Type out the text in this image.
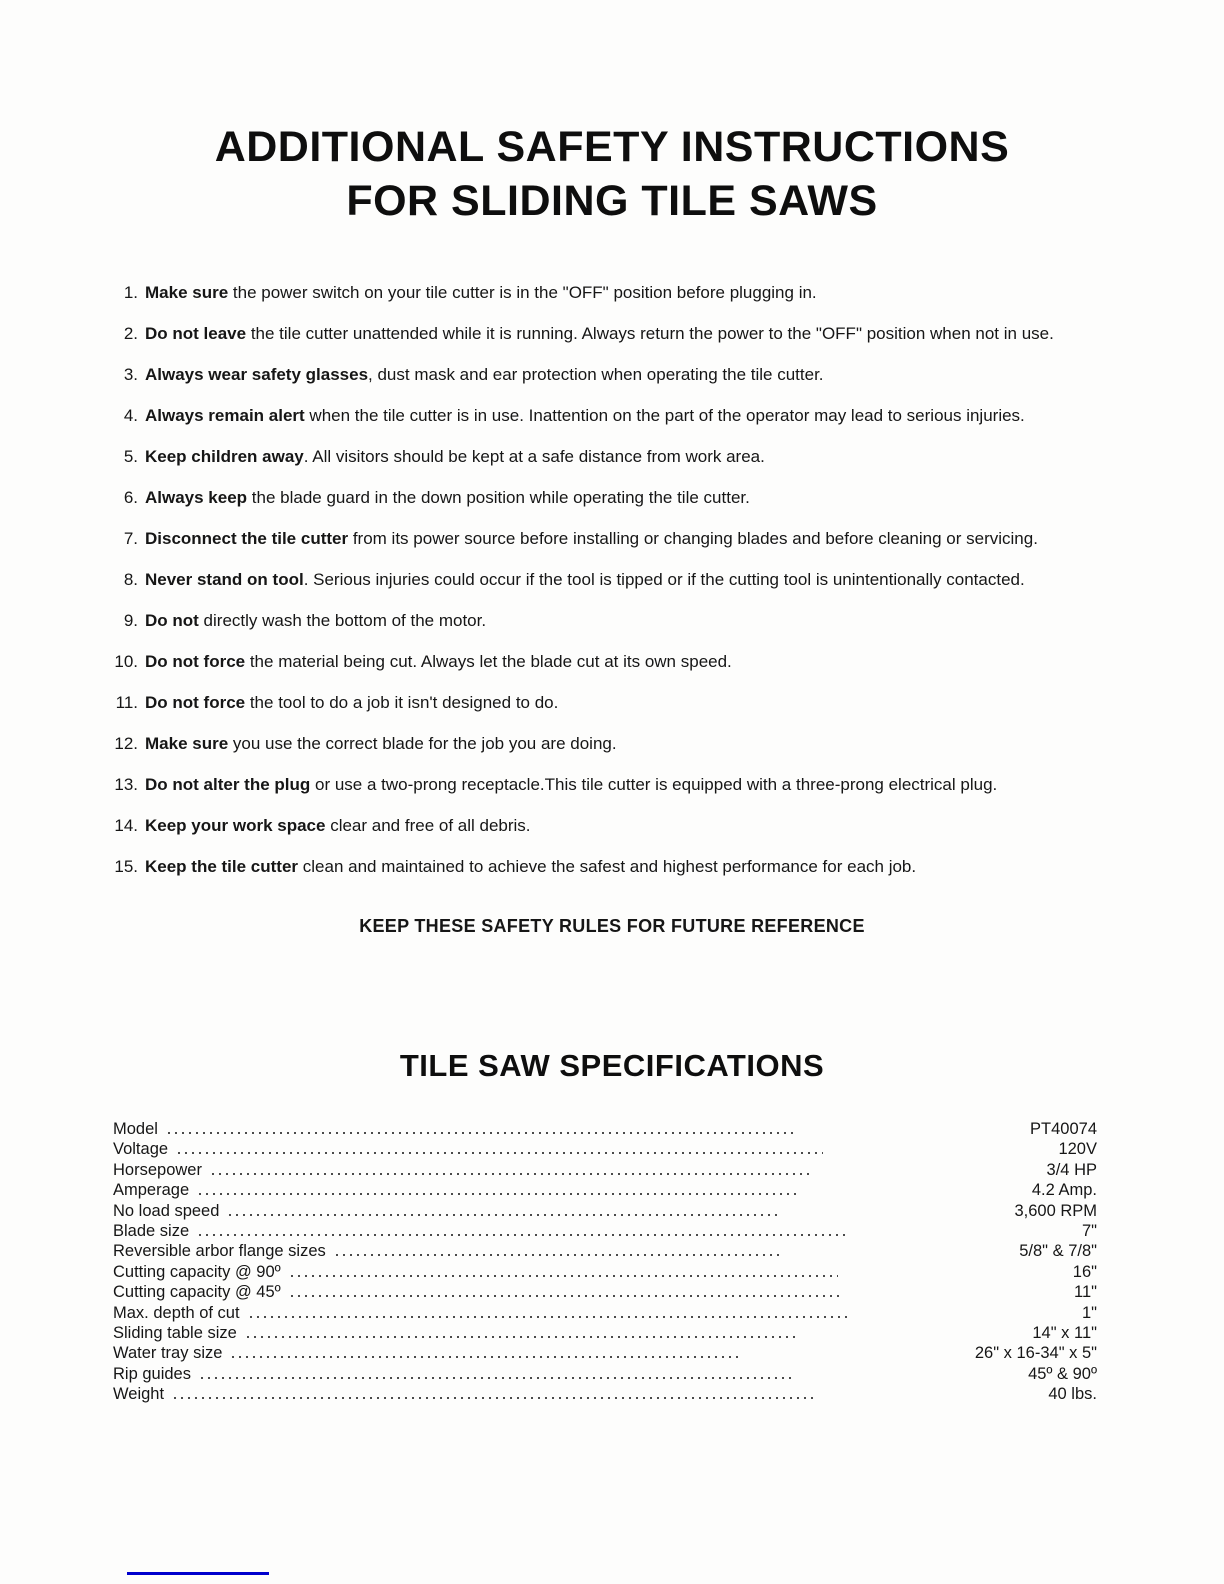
ADDITIONAL SAFETY INSTRUCTIONS
FOR SLIDING TILE SAWS
1. Make sure the power switch on your tile cutter is in the "OFF" position before plugging in.
2. Do not leave the tile cutter unattended while it is running. Always return the power to the "OFF" position when not in use.
3. Always wear safety glasses, dust mask and ear protection when operating the tile cutter.
4. Always remain alert when the tile cutter is in use. Inattention on the part of the operator may lead to serious injuries.
5. Keep children away. All visitors should be kept at a safe distance from work area.
6. Always keep the blade guard in the down position while operating the tile cutter.
7. Disconnect the tile cutter from its power source before installing or changing blades and before cleaning or servicing.
8. Never stand on tool. Serious injuries could occur if the tool is tipped or if the cutting tool is unintentionally contacted.
9. Do not directly wash the bottom of the motor.
10. Do not force the material being cut. Always let the blade cut at its own speed.
11. Do not force the tool to do a job it isn't designed to do.
12. Make sure you use the correct blade for the job you are doing.
13. Do not alter the plug or use a two-prong receptacle.This tile cutter is equipped with a three-prong electrical plug.
14. Keep your work space clear and free of all debris.
15. Keep the tile cutter clean and maintained to achieve the safest and highest performance for each job.
KEEP THESE SAFETY RULES FOR FUTURE REFERENCE
TILE SAW SPECIFICATIONS
Model	PT40074
Voltage	120V
Horsepower	3/4 HP
Amperage	4.2 Amp.
No load speed	3,600 RPM
Blade size	7"
Reversible arbor flange sizes	5/8" & 7/8"
Cutting capacity @ 90º	16"
Cutting capacity @ 45º	11"
Max. depth of cut	1"
Sliding table size	14" x 11"
Water tray size	26" x 16-34" x 5"
Rip guides	45º & 90º
Weight	40 lbs.
